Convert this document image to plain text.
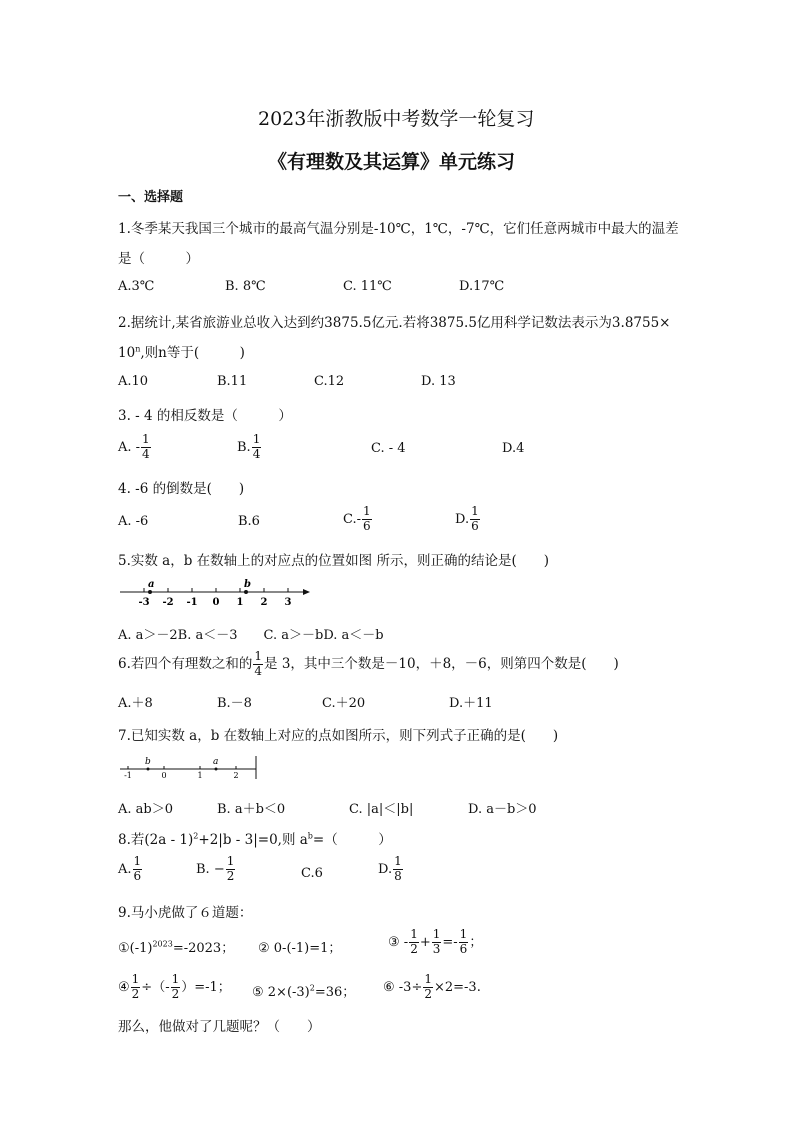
2023年浙教版中考数学一轮复习
《有理数及其运算》单元练习
一、选择题
1.冬季某天我国三个城市的最高气温分别是-10℃，1℃，-7℃，它们任意两城市中最大的温差
是（　　　）
A.3℃	B. 8℃	C. 11℃	D.17℃
2.据统计,某省旅游业总收入达到约3875.5亿元.若将3875.5亿用科学记数法表示为3.8755×
$10^n$,则n等于(　　　)
A.10	B.11	C.12	D. 13
3. - 4 的相反数是（　　　）
A. - $\frac{1}{4}$	B. $\frac{1}{4}$	C. - 4	D.4
4. -6 的倒数是(　　)
A. -6	B.6	$C.- \frac{1}{6}$	D. $\frac{1}{6}$
5.实数 a，b 在数轴上的对应点的位置如图 所示，则正确的结论是(　　)
-3 -2 -1 0 1 2 3
a	b
A. a＞－2B. a＜－3　　C. a＞－bD. a＜－b
6.若四个有理数之和的 $\frac{1}{4}$ 是 3，其中三个数是－10，＋8，－6，则第四个数是(　　)
A.＋8	B.－8	C.＋20	D.＋11
7.已知实数 a，b 在数轴上对应的点如图所示，则下列式子正确的是(　　)
-1	0	1	2
b	a
A. ab＞0	B. a＋b＜0	C. |a|＜|b|	D. a－b＞0
8.若(2a - 1)$^2$+2|b - 3|=0,则 $a^b=$（　　　）
A. $\frac{1}{6}$	B. − $\frac{1}{2}$	C.6	D. $\frac{1}{8}$
9.马小虎做了６道题：
$①(-1)^{2023}=-2023$； ② 0-(-1)=1；	③ - $\frac{1}{2} + \frac{1}{3} =- \frac{1}{6}$ ；
④ $\frac{1}{2}$ ÷（- $\frac{1}{2} )=-1$； ⑤ $2\times(-3)^2=36$； ⑥ $-3\div \frac{1}{2} \times 2=-3$.
那么，他做对了几题呢？（　　）
